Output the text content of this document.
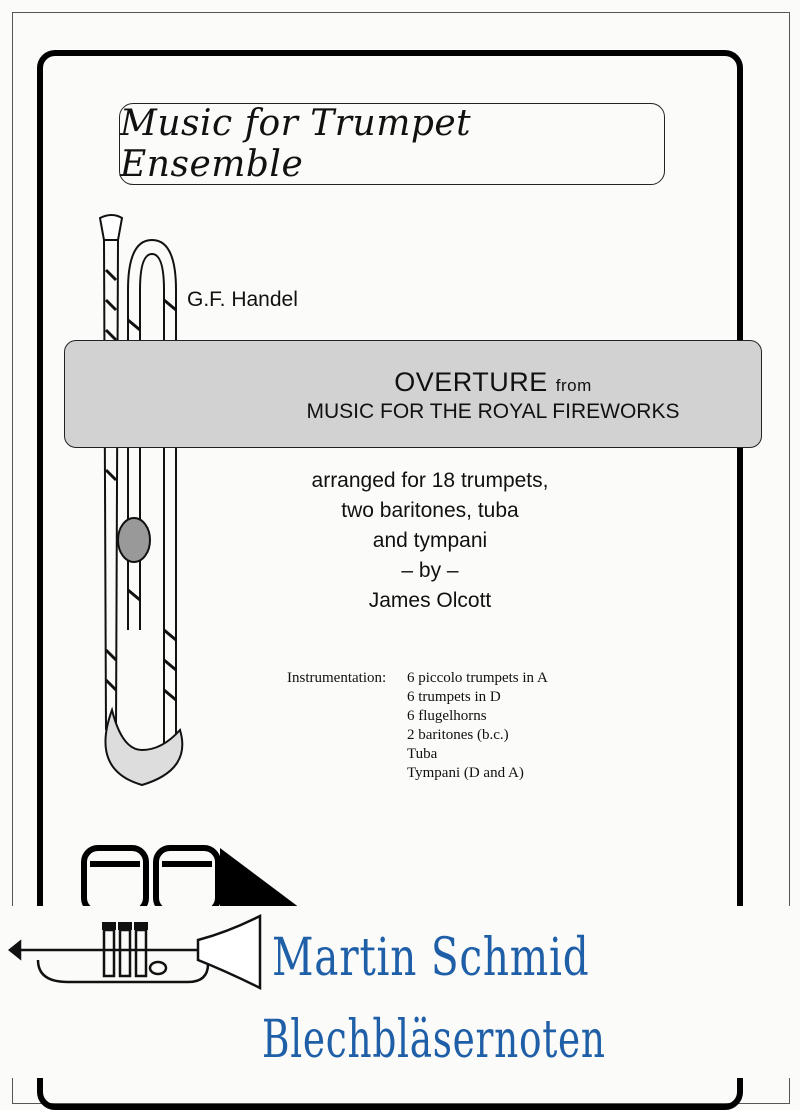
Music for Trumpet Ensemble
G.F. Handel
OVERTURE from
MUSIC FOR THE ROYAL FIREWORKS
arranged for 18 trumpets,
two baritones, tuba
and tympani
– by –
James Olcott
Instrumentation:	6 piccolo trumpets in A
6 trumpets in D
6 flugelhorns
2 baritones (b.c.)
Tuba
Tympani (D and A)
Martin Schmid
Blechbläsernoten
